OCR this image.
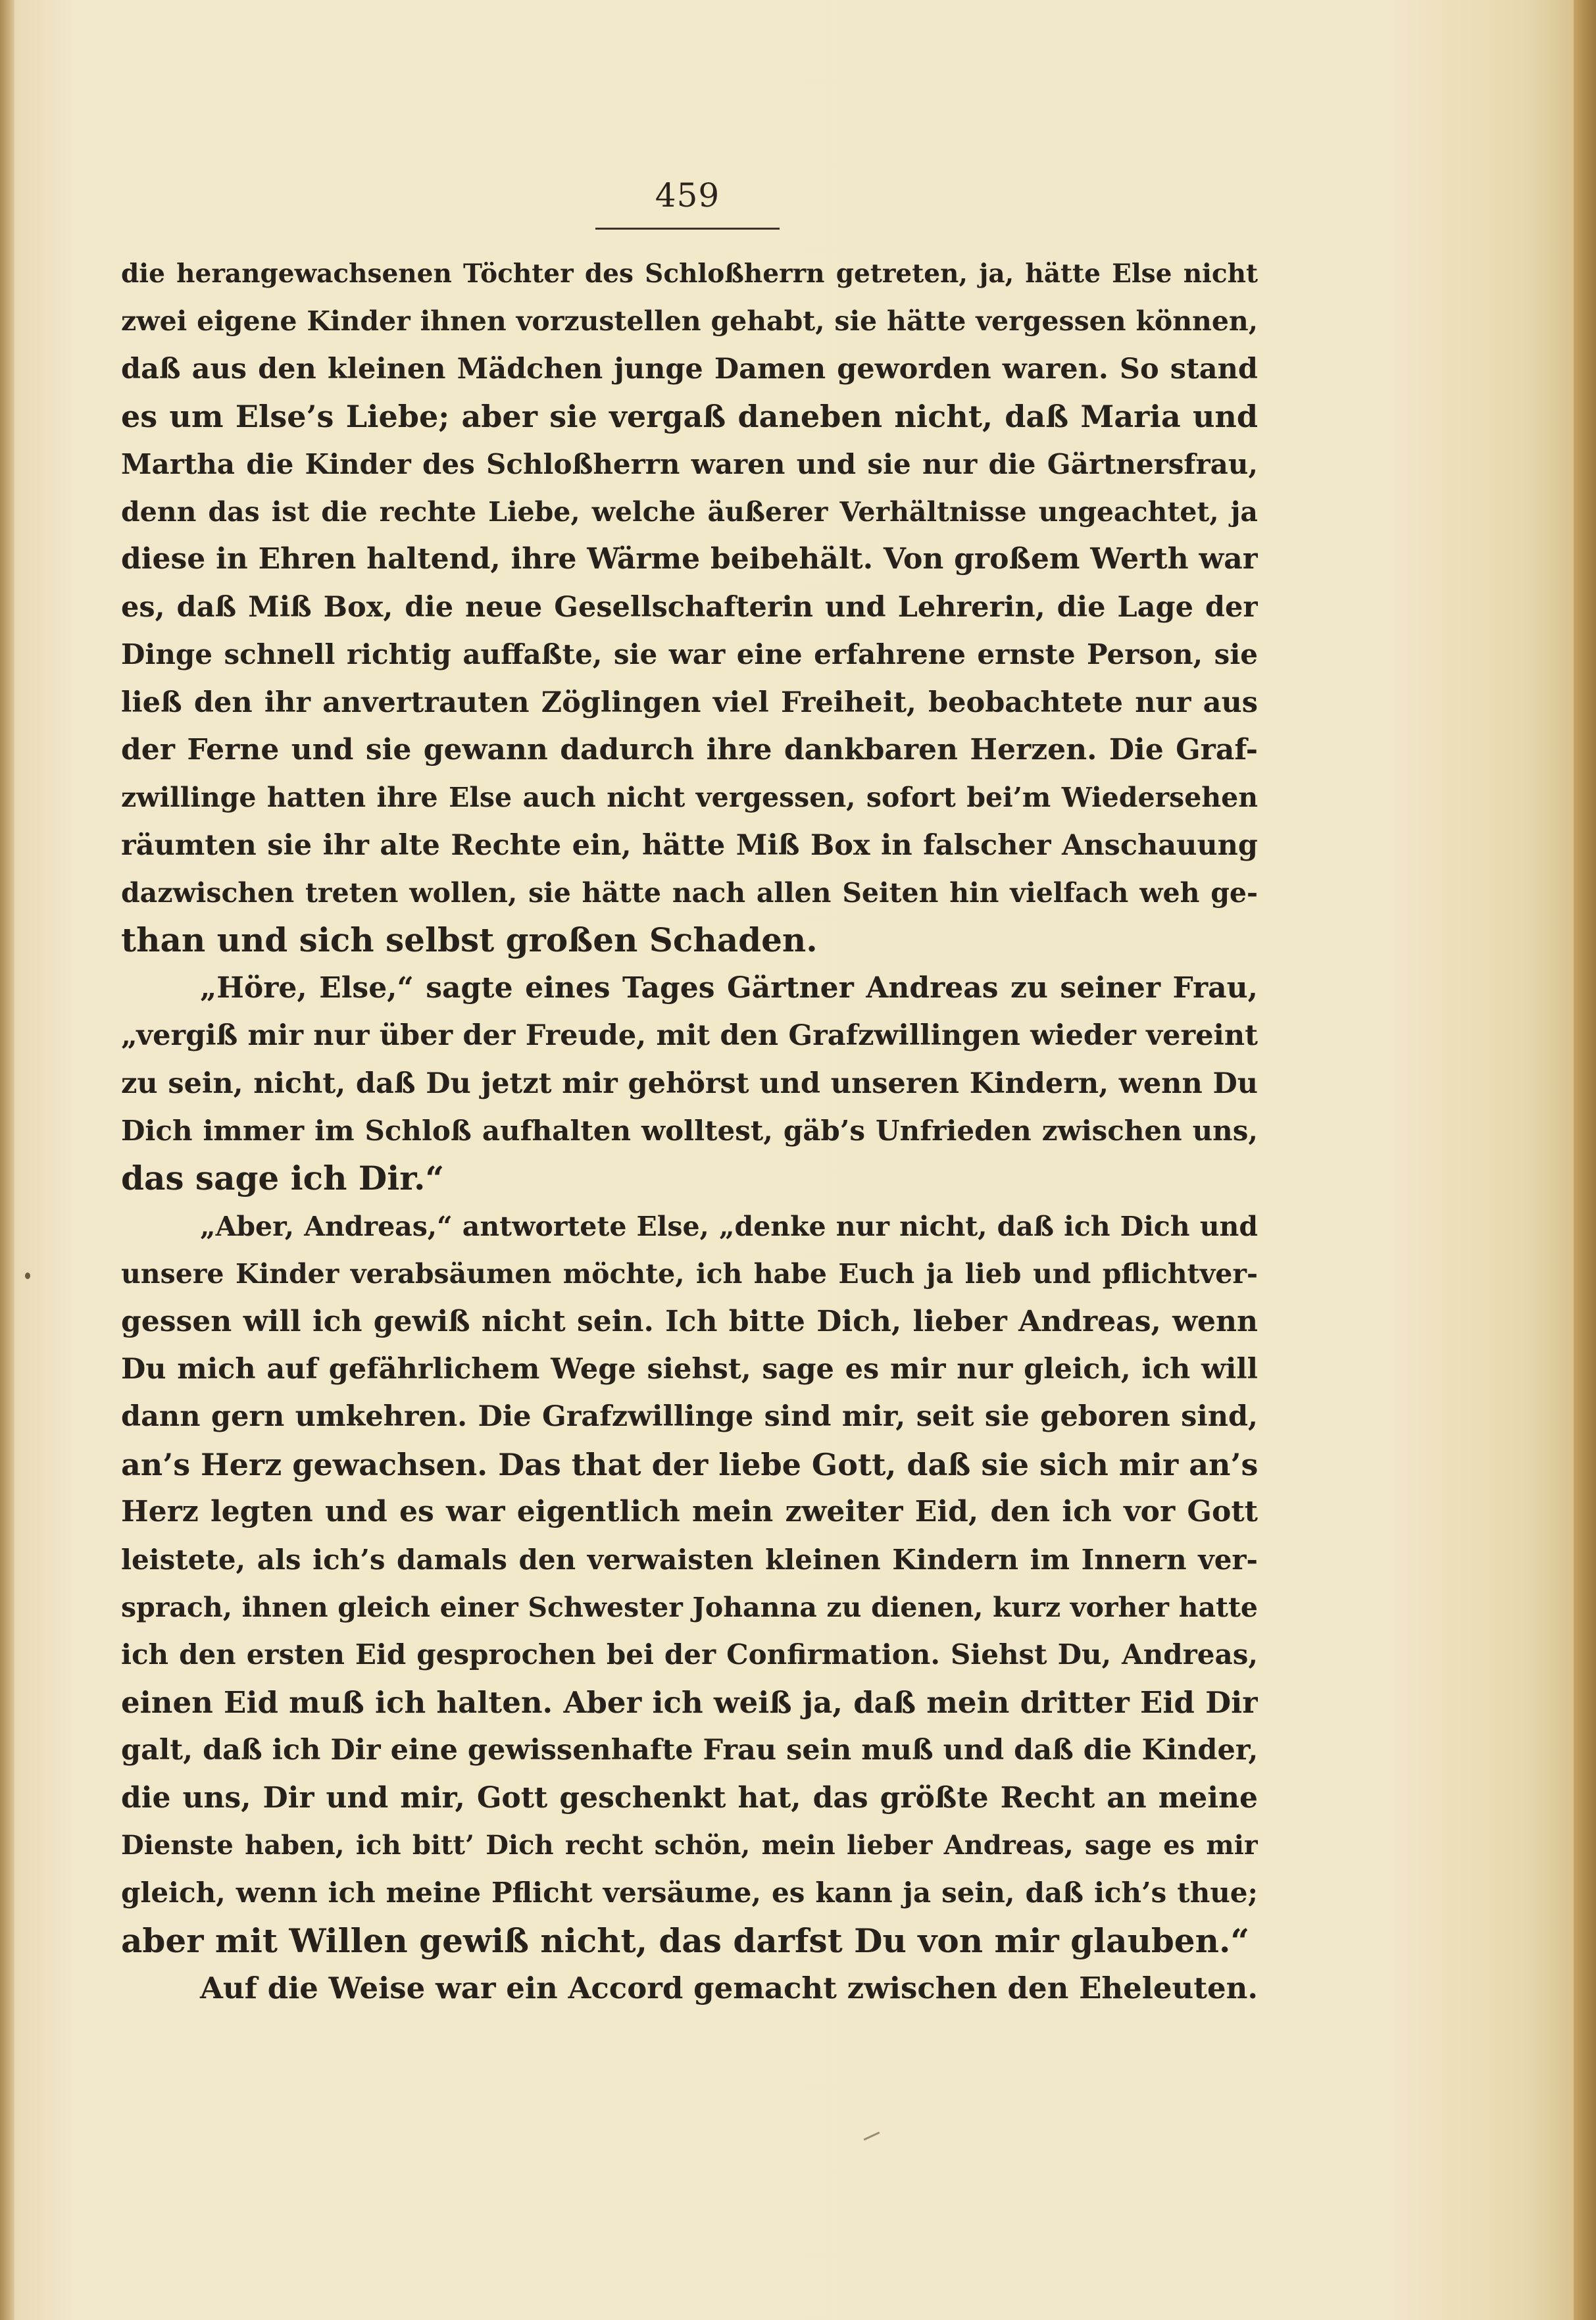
459
die herangewachsenen Töchter des Schloßherrn getreten, ja, hätte Else nicht
zwei eigene Kinder ihnen vorzustellen gehabt, sie hätte vergessen können,
daß aus den kleinen Mädchen junge Damen geworden waren. So stand
es um Else’s Liebe; aber sie vergaß daneben nicht, daß Maria und
Martha die Kinder des Schloßherrn waren und sie nur die Gärtnersfrau,
denn das ist die rechte Liebe, welche äußerer Verhältnisse ungeachtet, ja
diese in Ehren haltend, ihre Wärme beibehält. Von großem Werth war
es, daß Miß Box, die neue Gesellschafterin und Lehrerin, die Lage der
Dinge schnell richtig auffaßte, sie war eine erfahrene ernste Person, sie
ließ den ihr anvertrauten Zöglingen viel Freiheit, beobachtete nur aus
der Ferne und sie gewann dadurch ihre dankbaren Herzen. Die Graf-
zwillinge hatten ihre Else auch nicht vergessen, sofort bei’m Wiedersehen
räumten sie ihr alte Rechte ein, hätte Miß Box in falscher Anschauung
dazwischen treten wollen, sie hätte nach allen Seiten hin vielfach weh ge-
than und sich selbst großen Schaden.
„Höre, Else,“ sagte eines Tages Gärtner Andreas zu seiner Frau,
„vergiß mir nur über der Freude, mit den Grafzwillingen wieder vereint
zu sein, nicht, daß Du jetzt mir gehörst und unseren Kindern, wenn Du
Dich immer im Schloß aufhalten wolltest, gäb’s Unfrieden zwischen uns,
das sage ich Dir.“
„Aber, Andreas,“ antwortete Else, „denke nur nicht, daß ich Dich und
unsere Kinder verabsäumen möchte, ich habe Euch ja lieb und pflichtver-
gessen will ich gewiß nicht sein. Ich bitte Dich, lieber Andreas, wenn
Du mich auf gefährlichem Wege siehst, sage es mir nur gleich, ich will
dann gern umkehren. Die Grafzwillinge sind mir, seit sie geboren sind,
an’s Herz gewachsen. Das that der liebe Gott, daß sie sich mir an’s
Herz legten und es war eigentlich mein zweiter Eid, den ich vor Gott
leistete, als ich’s damals den verwaisten kleinen Kindern im Innern ver-
sprach, ihnen gleich einer Schwester Johanna zu dienen, kurz vorher hatte
ich den ersten Eid gesprochen bei der Confirmation. Siehst Du, Andreas,
einen Eid muß ich halten. Aber ich weiß ja, daß mein dritter Eid Dir
galt, daß ich Dir eine gewissenhafte Frau sein muß und daß die Kinder,
die uns, Dir und mir, Gott geschenkt hat, das größte Recht an meine
Dienste haben, ich bitt’ Dich recht schön, mein lieber Andreas, sage es mir
gleich, wenn ich meine Pflicht versäume, es kann ja sein, daß ich’s thue;
aber mit Willen gewiß nicht, das darfst Du von mir glauben.“
Auf die Weise war ein Accord gemacht zwischen den Eheleuten.
